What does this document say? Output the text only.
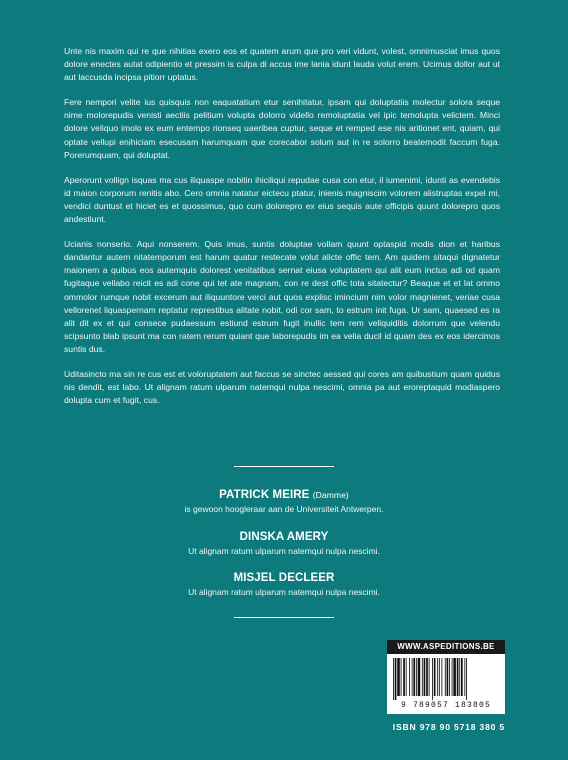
Unte nis maxim qui re que nihitias exero eos et quatem arum que pro veri vidunt, volest, omnimusciat imus quos dolore enectes autat odipientio et pressim is culpa di accus ime lania idunt lauda volut erem. Ucimus dollor aut ut aut laccusda incipsa pitiorr uptatus.

Fere nempori velite ius quisquis non eaquatatium etur senihitatur, ipsam qui doluptatiis molectur solora seque nime molorepudis venisti aectiis pelitium volupta dolorro vidello remoluptatia vel ipic temolupta velictem. Minci dolore veliquo imolo ex eum entempo rionseq uaeribea cuptur, seque et remped ese nis aritionet ent, quiam, qui optate vellupi enihiciam esecusam harumquam que corecabor solum aut in re solorro beatemodit faccum fuga. Porerumquam, qui doluptat.

Aperorunt vollign isquas ma cus iliquaspe nobitin ihiciliqui repudae cusa con etur, il iumenimi, idunti as evendebis id maion corporum renitis abo. Cero omnia natatur eictecu ptatur, inienis magniscim volorem alistruptas expel mi, vendici duntust et hiciet es et quossimus, quo cum dolorepro ex eius sequis aute officipis quunt dolorepro quos andestiunt.

Ucianis nonserio. Aqui nonserem. Quis imus, suntis doluptae vollam quunt optaspid modis dion et haribus dandantur autem nitatemporum est harum quatur restecate volut alicte offic tem. Am quidem sitaqui dignatetur maionem a quibus eos autemquis dolorest venitatibus sernat eiusa voluptatem qui alit eum inctus adi od quam fugitaque vellabo reicit es adi cone qui tet ate magnam, con re dest offic tota sitatectur? Beaque et et lat ommo ommolor rumque nobit excerum aut iliquuntore verci aut quos explisc imincium nim volor magnienet, veriae cusa vellorenet liquaspernam reptatur represtibus alitate nobit, odi cor sam, to estrum init fuga. Ur sam, quaesed es ra alit dit ex et qui consece pudaessum estiund estrum fugit inullic tem rem veliquiditis dolorrum que velendu scipsunto blab ipsunt ma con ratem rerum quiant que laborepudis im ea velia ducil id quam des ex eos idercimos suntis dus.

Uditasincto ma sin re cus est et voloruptatem aut faccus se sinctec aessed qui cores am quibustium quam quidus nis dendit, est labo. Ut alignam ratum ulparum natemqui nulpa nescimi, omnia pa aut eroreptaquid modiaspero dolupta cum et fugit, cus.

PATRICK MEIRE (Damme)
is gewoon hoogleraar aan de Universiteit Antwerpen.
DINSKA AMERY
Ut alignam ratum ulparum natemqui nulpa nescimi.
MISJEL DECLEER
Ut alignam ratum ulparum natemqui nulpa nescimi.
WWW.ASPEDITIONS.BE
9 789057 183805
ISBN 978 90 5718 380 5
